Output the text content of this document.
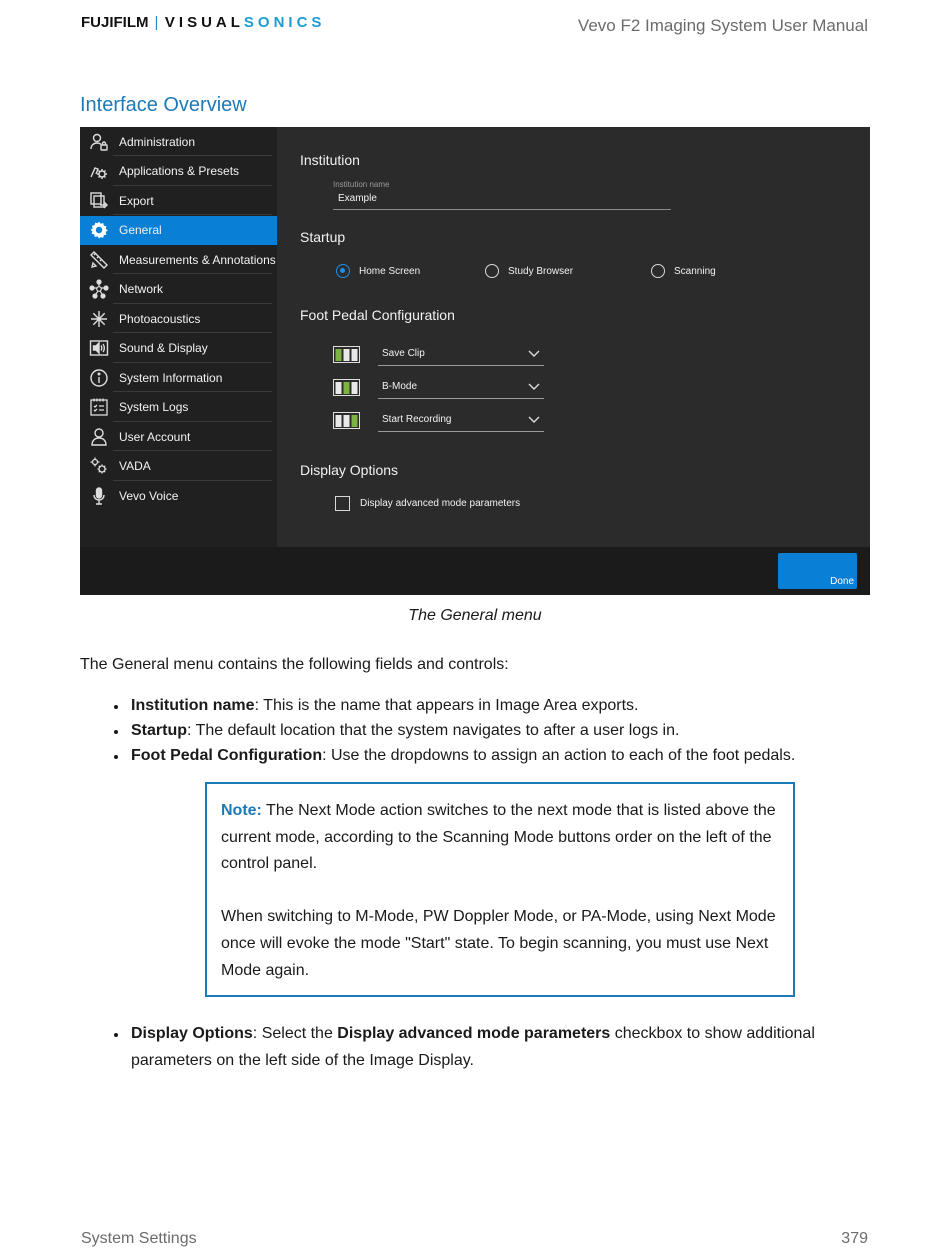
FUJIFILM | VISUALSONICS	Vevo F2 Imaging System User Manual
Interface Overview
Administration
Applications & Presets
Export
General
Measurements & Annotations
Network
Photoacoustics
Sound & Display
System Information
System Logs
User Account
VADA
Vevo Voice
Institution
Institution name
Example
Startup
Home Screen	Study Browser	Scanning
Foot Pedal Configuration
Save Clip
B-Mode
Start Recording
Display Options
Display advanced mode parameters
Done
The General menu
The General menu contains the following fields and controls:
Institution name: This is the name that appears in Image Area exports.
Startup: The default location that the system navigates to after a user logs in.
Foot Pedal Configuration: Use the dropdowns to assign an action to each of the foot pedals.

Note: The Next Mode action switches to the next mode that is listed above the current mode, according to the Scanning Mode buttons order on the left of the control panel.

When switching to M-Mode, PW Doppler Mode, or PA-Mode, using Next Mode once will evoke the mode "Start" state. To begin scanning, you must use Next Mode again.

Display Options: Select the Display advanced mode parameters checkbox to show additional parameters on the left side of the Image Display.
System Settings	379
